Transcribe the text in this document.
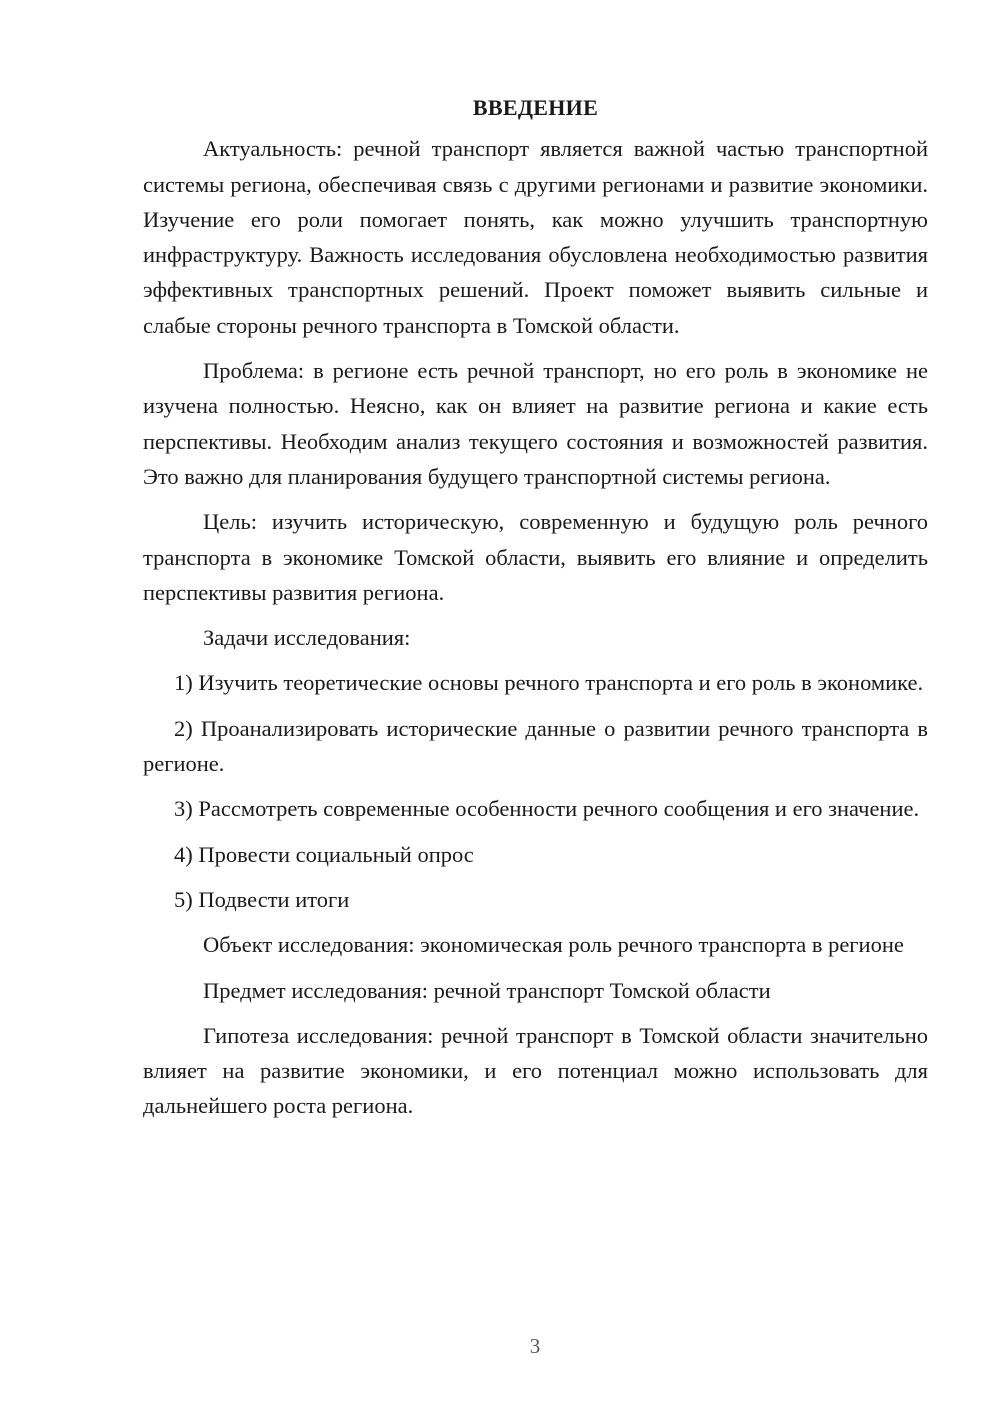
ВВЕДЕНИЕ

Актуальность: речной транспорт является важной частью транспортной системы региона, обеспечивая связь с другими регионами и развитие экономики. Изучение его роли помогает понять, как можно улучшить транспортную инфраструктуру. Важность исследования обусловлена необходимостью развития эффективных транспортных решений. Проект поможет выявить сильные и слабые стороны речного транспорта в Томской области.

Проблема: в регионе есть речной транспорт, но его роль в экономике не изучена полностью. Неясно, как он влияет на развитие региона и какие есть перспективы. Необходим анализ текущего состояния и возможностей развития. Это важно для планирования будущего транспортной системы региона.

Цель: изучить историческую, современную и будущую роль речного транспорта в экономике Томской области, выявить его влияние и определить перспективы развития региона.

Задачи исследования:

1) Изучить теоретические основы речного транспорта и его роль в экономике.

2) Проанализировать исторические данные о развитии речного транспорта в регионе.

3) Рассмотреть современные особенности речного сообщения и его значение.

4) Провести социальный опрос

5) Подвести итоги

Объект исследования: экономическая роль речного транспорта в регионе

Предмет исследования: речной транспорт Томской области

Гипотеза исследования: речной транспорт в Томской области значительно влияет на развитие экономики, и его потенциал можно использовать для дальнейшего роста региона.

3
